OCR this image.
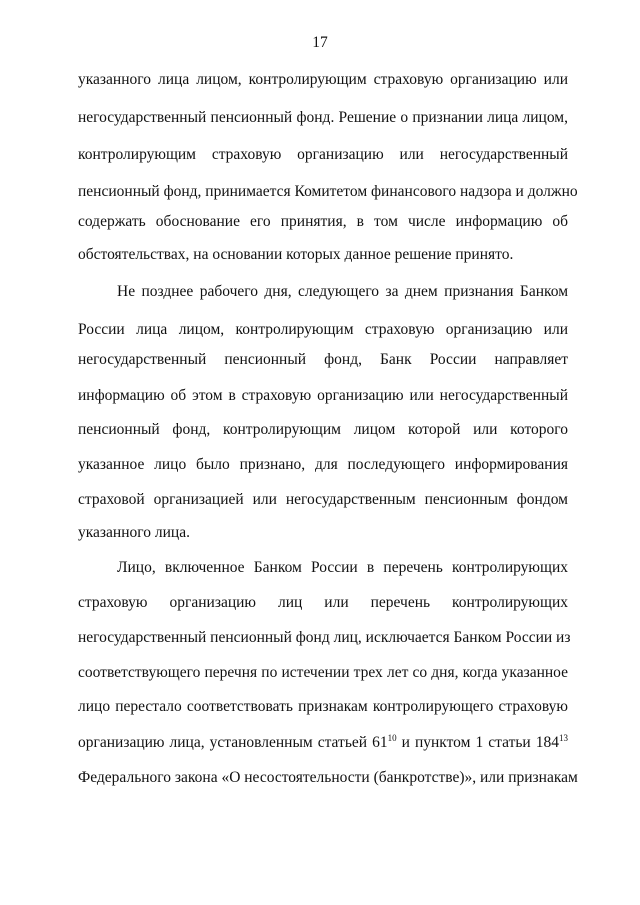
17
указанного лица лицом, контролирующим страховую организацию или
негосударственный пенсионный фонд. Решение о признании лица лицом,
контролирующим страховую организацию или негосударственный
пенсионный фонд, принимается Комитетом финансового надзора и должно
содержать обоснование его принятия, в том числе информацию об
обстоятельствах, на основании которых данное решение принято.
Не позднее рабочего дня, следующего за днем признания Банком
России лица лицом, контролирующим страховую организацию или
негосударственный пенсионный фонд, Банк России направляет
информацию об этом в страховую организацию или негосударственный
пенсионный фонд, контролирующим лицом которой или которого
указанное лицо было признано, для последующего информирования
страховой организацией или негосударственным пенсионным фондом
указанного лица.
Лицо, включенное Банком России в перечень контролирующих
страховую организацию лиц или перечень контролирующих
негосударственный пенсионный фонд лиц, исключается Банком России из
соответствующего перечня по истечении трех лет со дня, когда указанное
лицо перестало соответствовать признакам контролирующего страховую
организацию лица, установленным статьей $61^{10}$ и пунктом 1 статьи $184^{13}$
Федерального закона «О несостоятельности (банкротстве)», или признакам
